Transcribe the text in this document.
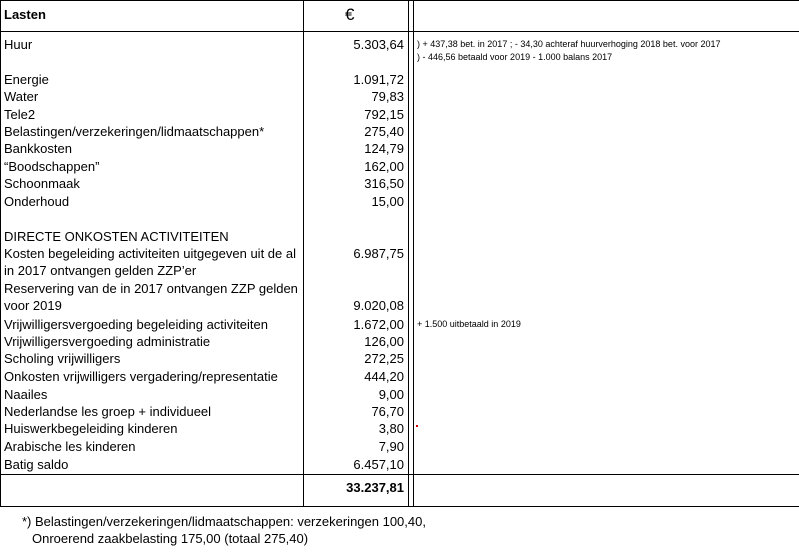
Lasten	€
Huur	5.303,64 ) + 437,38 bet. in 2017 ; - 34,30 achteraf huurverhoging 2018 bet. voor 2017
) - 446,56 betaald voor 2019 - 1.000 balans 2017
Energie	1.091,72
Water	79,83
Tele2	792,15
Belastingen/verzekeringen/lidmaatschappen*	275,40
Bankkosten	124,79
“Boodschappen”	162,00
Schoonmaak	316,50
Onderhoud	15,00
DIRECTE ONKOSTEN ACTIVITEITEN
Kosten begeleiding activiteiten uitgegeven uit de al	6.987,75
in 2017 ontvangen gelden ZZP’er
Reservering van de in 2017 ontvangen ZZP gelden
voor 2019	9.020,08
Vrijwilligersvergoeding begeleiding activiteiten	1.672,00 + 1.500 uitbetaald in 2019
Vrijwilligersvergoeding administratie	126,00
Scholing vrijwilligers	272,25
Onkosten vrijwilligers vergadering/representatie	444,20
Naailes	9,00
Nederlandse les groep + individueel	76,70
Huiswerkbegeleiding kinderen	3,80
Arabische les kinderen	7,90
Batig saldo	6.457,10
33.237,81
*) Belastingen/verzekeringen/lidmaatschappen: verzekeringen 100,40,
Onroerend zaakbelasting 175,00 (totaal 275,40)
